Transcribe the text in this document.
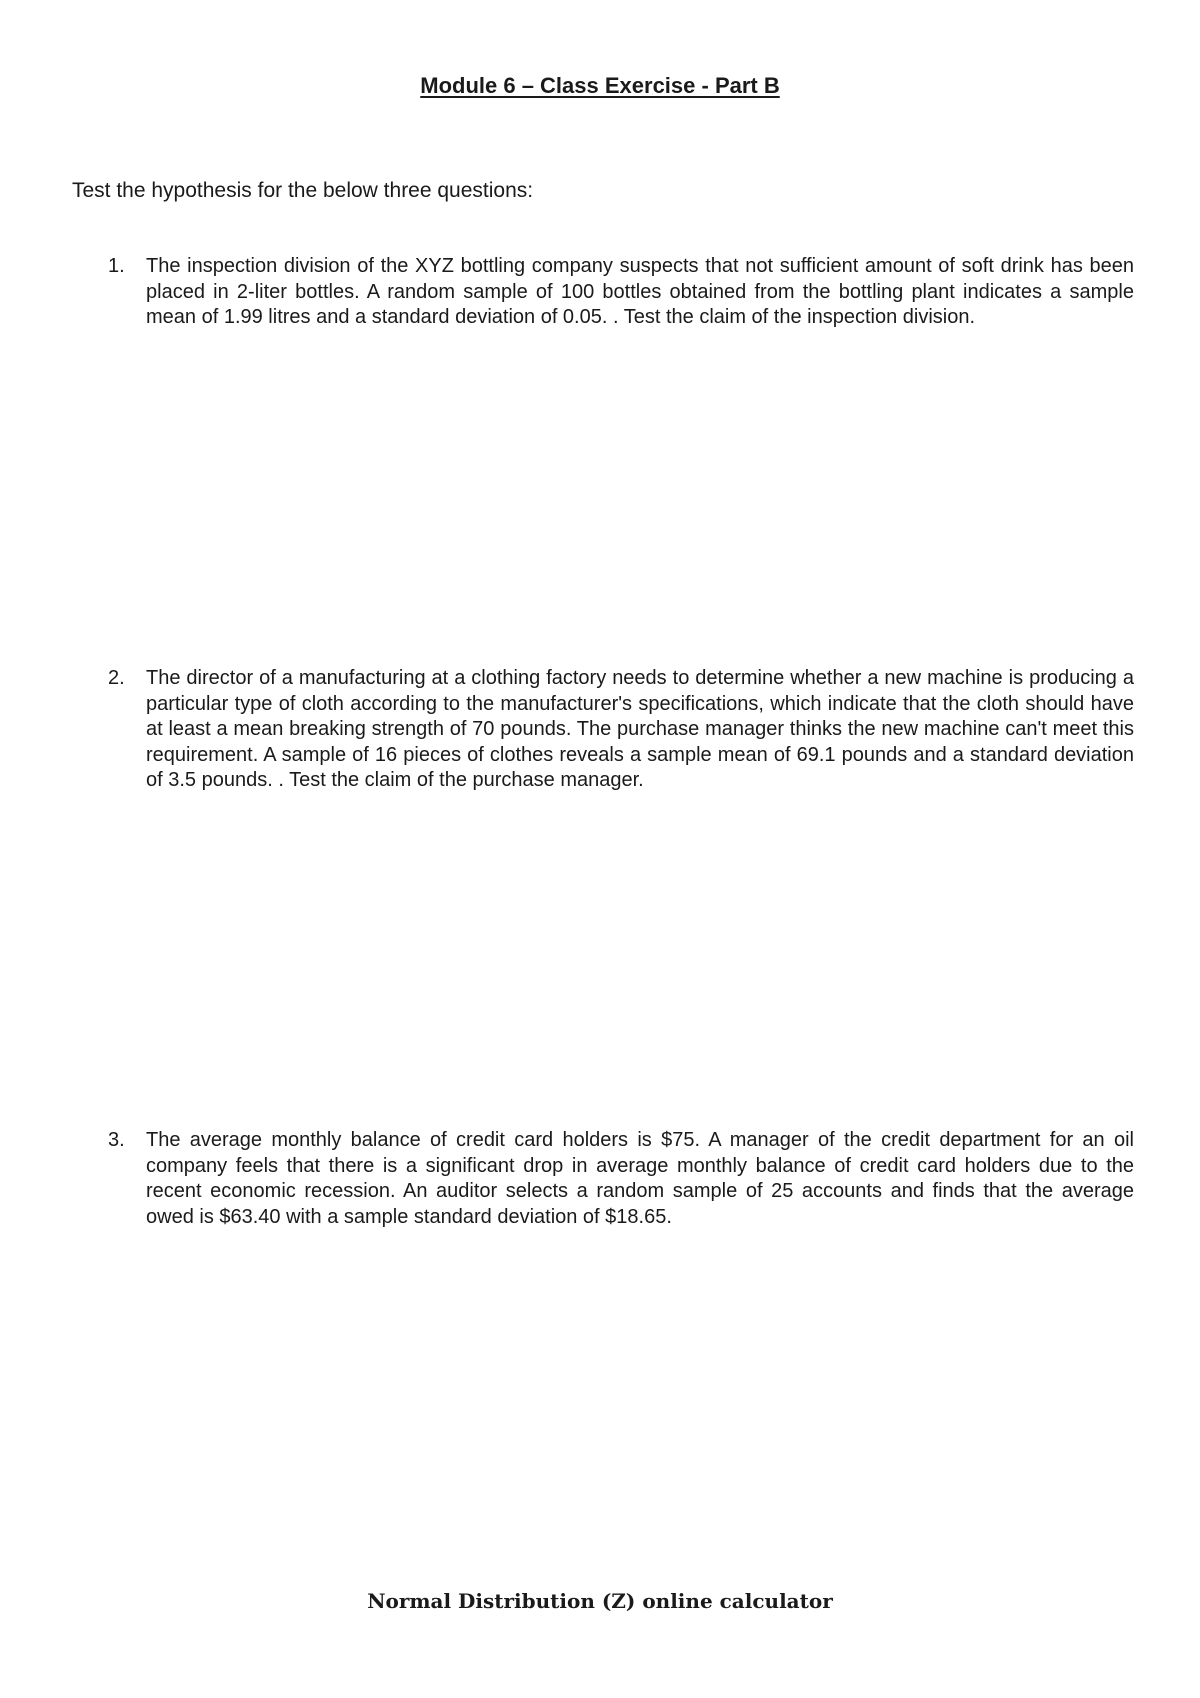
Module 6 – Class Exercise - Part B
Test the hypothesis for the below three questions:
1.	The inspection division of the XYZ bottling company suspects that not sufficient amount of soft drink has been placed in 2-liter bottles. A random sample of 100 bottles obtained from the bottling plant indicates a sample mean of 1.99 litres and a standard deviation of 0.05. . Test the claim of the inspection division.
2.	The director of a manufacturing at a clothing factory needs to determine whether a new machine is producing a particular type of cloth according to the manufacturer's specifications, which indicate that the cloth should have at least a mean breaking strength of 70 pounds. The purchase manager thinks the new machine can't meet this requirement. A sample of 16 pieces of clothes reveals a sample mean of 69.1 pounds and a standard deviation of 3.5 pounds. . Test the claim of the purchase manager.
3.	The average monthly balance of credit card holders is $75. A manager of the credit department for an oil company feels that there is a significant drop in average monthly balance of credit card holders due to the recent economic recession. An auditor selects a random sample of 25 accounts and finds that the average owed is $63.40 with a sample standard deviation of $18.65.
Normal Distribution (Z) online calculator
